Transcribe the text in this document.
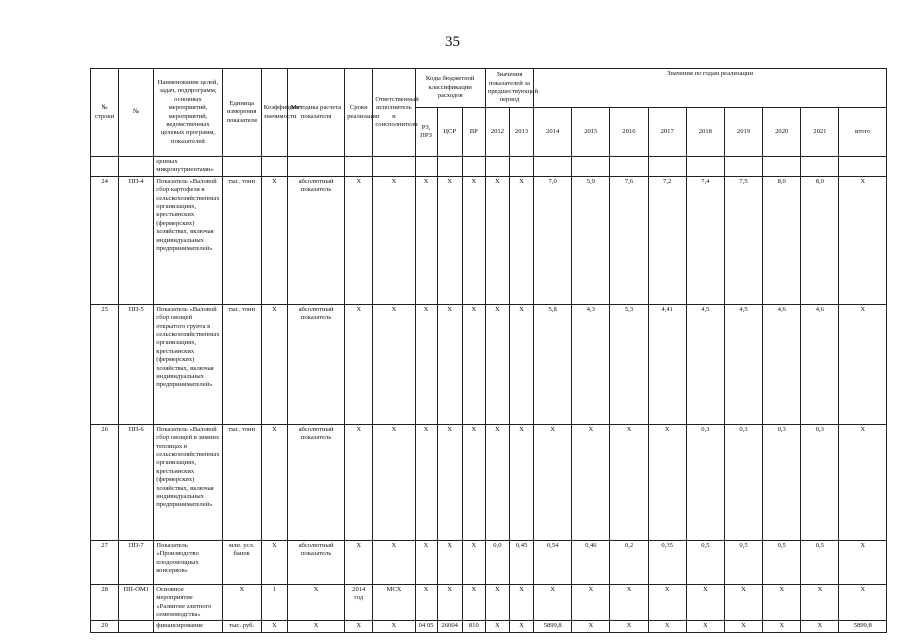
35
№ строки	№	Наименование целей, задач, подпрограмм, основных мероприятий, мероприятий, ведомственных целевых программ, показателей	Единица измерения показателя	Коэффициент значимости	Методика расчета показателя	Сроки реализации	Ответственный исполнитель и соисполнители	Коды бюджетной классификации расходов			Значения показателей за предшествующий период		Значения по годам реализации								
								РЗ, ПРЗ	ЦСР	ВР	2012	2013	2014	2015	2016	2017	2018	2019	2020	2021	итого
		ценных микронутриентами»																			
24	ПП-4	Показатель «Валовой сбор картофеля в сельскохозяйственных организациях, крестьянских (фермерских) хозяйствах, включая индивидуальных предпринимателей»	тыс. тонн	X	абсолютный показатель	X	X	X	X	X	X	X	7,0	5,9	7,6	7,2	7,4	7,5	8,0	8,0	X
25	ПП-5	Показатель «Валовой сбор овощей открытого грунта в сельскохозяйственных организациях, крестьянских (фермерских) хозяйствах, включая индивидуальных предпринимателей»	тыс. тонн	X	абсолютный показатель	X	X	X	X	X	X	X	5,8	4,3	5,3	4,41	4,5	4,5	4,6	4,6	X
26	ПП-6	Показатель «Валовой сбор овощей в зимних теплицах в сельскохозяйственных организациях, крестьянских (фермерских) хозяйствах, включая индивидуальных предпринимателей»	тыс. тонн	X	абсолютный показатель	X	X	X	X	X	X	X	X	X	X	X	0,3	0,3	0,3	0,3	X
27	ПП-7	Показатель «Производство плодоовощных консервов»	млн. усл. банок	X	абсолютный показатель	X	X	X	X	X	0,0	0,45	0,54	0,46	0,2	0,35	0,5	0,5	0,5	0,5	X
28	ПП-ОМ1	Основное мероприятие «Развитие элитного семеноводства»	X	1	X	2014 год	МСХ	X	X	X	X	X	X	X	X	X	X	X	X	X	X
29		финансирование	тыс. руб.	X	X	X	X	04 05	26004	810	X	X	5899,8	X	X	X	X	X	X	X	5899,8
